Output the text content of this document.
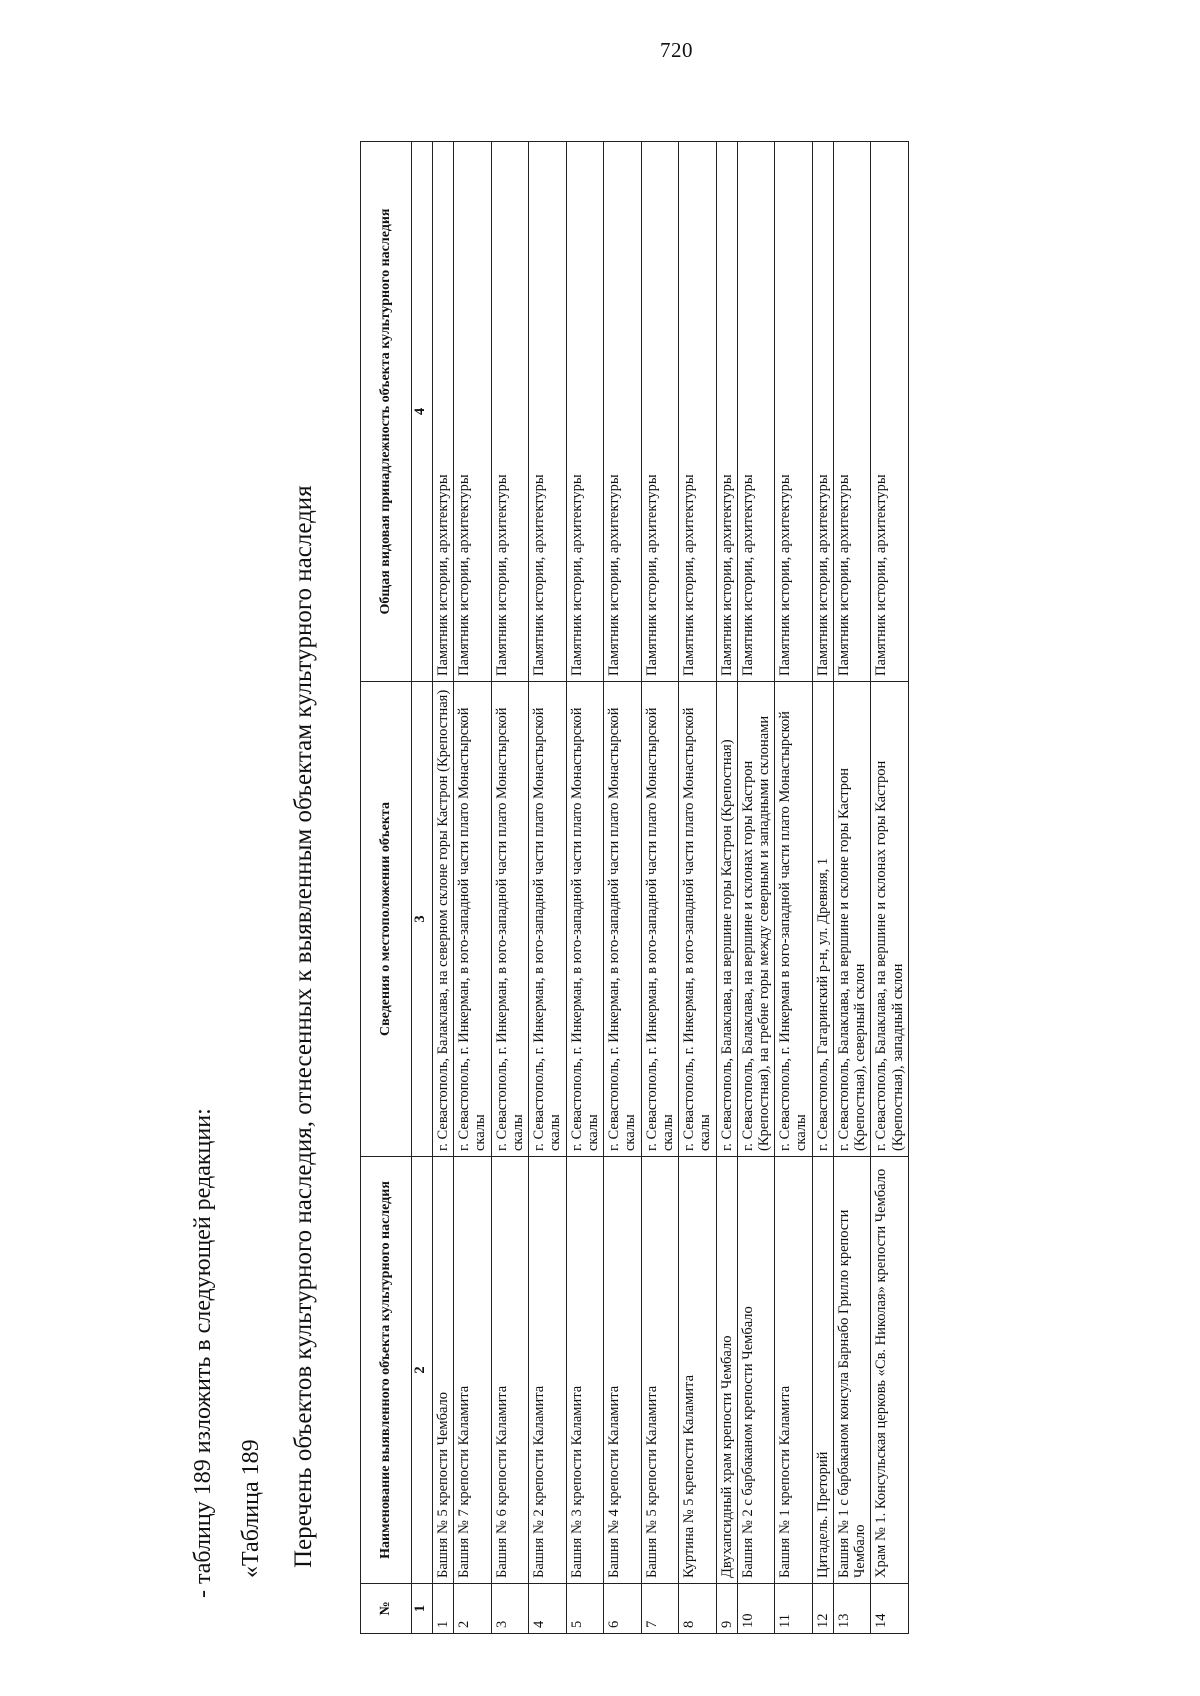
720
- таблицу 189 изложить в следующей редакции: «Таблица 189 Перечень объектов культурного наследия, отнесенных к выявленным объектам культурного наследия
№	Наименование выявленного объекта культурного наследия	Сведения о местоположении объекта	Общая видовая принадлежность объекта культурного наследия
1	2	3	4
1	Башня № 5 крепости Чембало	г. Севастополь, Балаклава, на северном склоне горы Кастрон (Крепостная)	Памятник истории, архитектуры
2	Башня № 7 крепости Каламита	г. Севастополь, г. Инкерман, в юго-западной части плато Монастырской скалы	Памятник истории, архитектуры
3	Башня № 6 крепости Каламита	г. Севастополь, г. Инкерман, в юго-западной части плато Монастырской скалы	Памятник истории, архитектуры
4	Башня № 2 крепости Каламита	г. Севастополь, г. Инкерман, в юго-западной части плато Монастырской скалы	Памятник истории, архитектуры
5	Башня № 3 крепости Каламита	г. Севастополь, г. Инкерман, в юго-западной части плато Монастырской скалы	Памятник истории, архитектуры
6	Башня № 4 крепости Каламита	г. Севастополь, г. Инкерман, в юго-западной части плато Монастырской скалы	Памятник истории, архитектуры
7	Башня № 5 крепости Каламита	г. Севастополь, г. Инкерман, в юго-западной части плато Монастырской скалы	Памятник истории, архитектуры
8	Куртина № 5 крепости Каламита	г. Севастополь, г. Инкерман, в юго-западной части плато Монастырской скалы	Памятник истории, архитектуры
9	Двухапсидный храм крепости Чембало	г. Севастополь, Балаклава, на вершине горы Кастрон (Крепостная)	Памятник истории, архитектуры
10	Башня № 2 с барбаканом крепости Чембало	г. Севастополь, Балаклава, на вершине и склонах горы Кастрон (Крепостная), на гребне горы между северным и западными склонами	Памятник истории, архитектуры
11	Башня № 1 крепости Каламита	г. Севастополь, г. Инкерман в юго-западной части плато Монастырской скалы	Памятник истории, архитектуры
12	Цитадель. Преторий	г. Севастополь, Гагаринский р-н, ул. Древняя, 1	Памятник истории, архитектуры
13	Башня № 1 с барбаканом консула Барнабо Грилло крепости Чембало	г. Севастополь, Балаклава, на вершине и склоне горы Кастрон (Крепостная), северный склон	Памятник истории, архитектуры
14	Храм № 1. Консульская церковь «Св. Николая» крепости Чембало	г. Севастополь, Балаклава, на вершине и склонах горы Кастрон (Крепостная), западный склон	Памятник истории, архитектуры
